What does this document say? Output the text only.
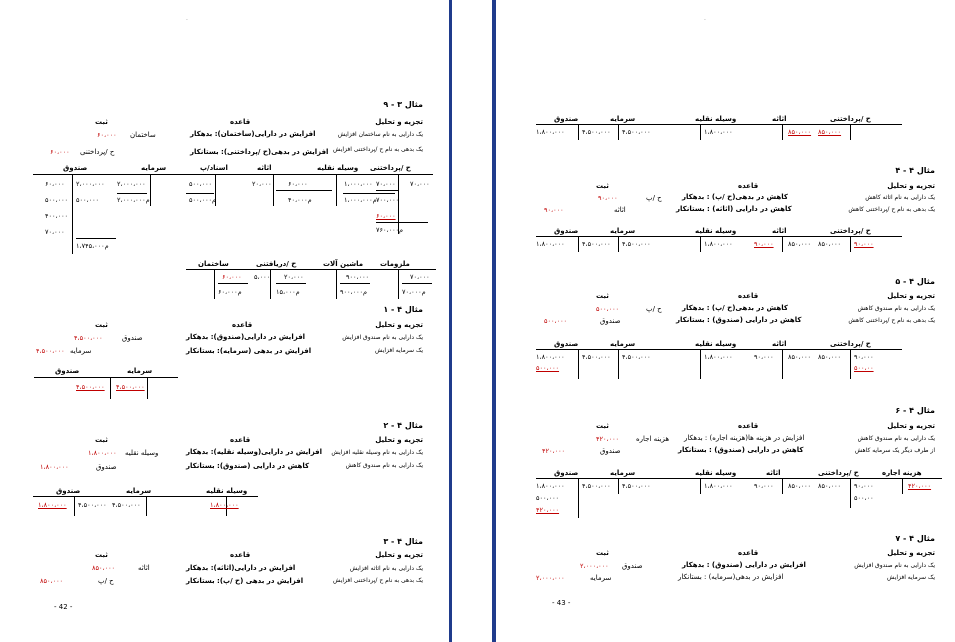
-
مثال ۳ - ۹
تجزیه و تحلیل
قاعده
ثبت
یک دارایی به نام ساختمان افزایش
یک بدهی به نام ح /پرداختنی افزایش
افزایش در دارایی(ساختمان): بدهکار
افزایش در بدهی(ح /پرداختنی): بستانکار
ساختمان
۶۰،۰۰۰
ح /پرداختنی
۶۰،۰۰۰
ح /پرداختنی
وسیله نقلیه
اثاثه
اسناد/پ
سرمایه
صندوق
۷۰،۰۰۰
۷۰،۰۰۰
۱،۰۰۰،۰۰۰
۶۰،۰۰۰
۲۰،۰۰۰
۵۰۰،۰۰۰
۲،۰۰۰،۰۰۰
۲،۰۰۰،۰۰۰
۶۰،۰۰۰
۷۰۰،۰۰۰
م۱،۰۰۰،۰۰۰
م۴۰،۰۰۰
م۵۰۰،۰۰۰
م۲،۰۰۰،۰۰۰
۵۰۰،۰۰۰
۵۰۰،۰۰۰
۶۰،۰۰۰
۴۰۰،۰۰۰
م۷۶۰،۰۰۰
۷۰،۰۰۰
م۱،۷۴۵،۰۰۰
ملزومات
ماشین آلات
ح /دریافتنی
ساختمان
۷۰،۰۰۰
۹۰۰،۰۰۰
۲۰،۰۰۰
۵،۰۰۰
۶۰،۰۰۰
م۷۰،۰۰۰
م۹۰۰،۰۰۰
م۱۵،۰۰۰
م۶۰،۰۰۰
مثال ۴ - ۱
تجزیه و تحلیل
قاعده
ثبت
یک دارایی به نام صندوق افزایش
یک سرمایه افزایش
افزایش در دارایی(صندوق): بدهکار
افزایش در بدهی (سرمایه): بستانکار
صندوق
۴،۵۰۰،۰۰۰
سرمایه
۴،۵۰۰،۰۰۰
سرمایه
صندوق
۴،۵۰۰،۰۰۰
۴،۵۰۰،۰۰۰
مثال ۴ - ۲
تجزیه و تحلیل
قاعده
ثبت
یک دارایی به نام وسیله نقلیه افزایش
یک دارایی به نام صندوق کاهش
افزایش در دارایی(وسیله نقلیه): بدهکار
کاهش در دارایی (صندوق): بستانکار
وسیله نقلیه
۱،۸۰۰،۰۰۰
صندوق
۱،۸۰۰،۰۰۰
وسیله نقلیه
سرمایه
صندوق
۱،۸۰۰،۰۰۰
۴،۵۰۰،۰۰۰
۴،۵۰۰،۰۰۰
۱،۸۰۰،۰۰۰
مثال ۴ - ۳
تجزیه و تحلیل
قاعده
ثبت
یک دارایی به نام اثاثه افزایش
یک بدهی به نام ح /پرداختنی افزایش
افزایش در دارایی(اثاثه): بدهکار
افزایش در بدهی (ح /پ): بستانکار
اثاثه
۸۵۰،۰۰۰
ح /پ
۸۵۰،۰۰۰
- 42 -
-
ح /پرداختنی
اثاثه
وسیله نقلیه
سرمایه
صندوق
۸۵۰،۰۰۰
۸۵۰،۰۰۰
۱،۸۰۰،۰۰۰
۴،۵۰۰،۰۰۰
۴،۵۰۰،۰۰۰
۱،۸۰۰،۰۰۰
مثال ۴ - ۴
تجزیه و تحلیل
قاعده
ثبت
یک دارایی به نام اثاثه کاهش
یک بدهی به نام ح /پرداختنی کاهش
کاهش در بدهی(ح /پ) : بدهکار
کاهش در دارایی (اثاثه) : بستانکار
ح /پ
۹۰،۰۰۰
اثاثه
۹۰،۰۰۰
ح /پرداختنی
اثاثه
وسیله نقلیه
سرمایه
صندوق
۹۰،۰۰۰
۸۵۰،۰۰۰
۸۵۰،۰۰۰
۹۰،۰۰۰
۱،۸۰۰،۰۰۰
۴،۵۰۰،۰۰۰
۴،۵۰۰،۰۰۰
۱،۸۰۰،۰۰۰
مثال ۴ - ۵
تجزیه و تحلیل
قاعده
ثبت
یک دارایی به نام صندوق کاهش
یک بدهی به نام ح /پرداختنی کاهش
کاهش در بدهی(ح /پ) : بدهکار
کاهش در دارایی (صندوق) : بستانکار
ح /پ
۵۰۰،۰۰۰
صندوق
۵۰۰،۰۰۰
ح /پرداختنی
اثاثه
وسیله نقلیه
سرمایه
صندوق
۹۰،۰۰۰
۸۵۰،۰۰۰
۸۵۰،۰۰۰
۹۰،۰۰۰
۱،۸۰۰،۰۰۰
۴،۵۰۰،۰۰۰
۴،۵۰۰،۰۰۰
۱،۸۰۰،۰۰۰
۵۰۰،۰۰
۵۰۰،۰۰۰
مثال ۴ - ۶
تجزیه و تحلیل
قاعده
ثبت
یک دارایی به نام صندوق کاهش
از طرف دیگر یک سرمایه کاهش
افزایش در هزینه ها(هزینه اجاره) : بدهکار
کاهش در دارایی (صندوق) : بستانکار
هزینه اجاره
۴۲۰،۰۰۰
صندوق
۴۲۰،۰۰۰
هزینه اجاره
ح /پرداختنی
اثاثه
وسیله نقلیه
سرمایه
صندوق
۴۲۰،۰۰۰
۹۰،۰۰۰
۸۵۰،۰۰۰
۸۵۰،۰۰۰
۹۰،۰۰۰
۱،۸۰۰،۰۰۰
۴،۵۰۰،۰۰۰
۴،۵۰۰،۰۰۰
۱،۸۰۰،۰۰۰
۵۰۰،۰۰
۵۰۰،۰۰۰
۴۲۰،۰۰۰
مثال ۴ - ۷
تجزیه و تحلیل
قاعده
ثبت
یک دارایی به نام صندوق افزایش
یک سرمایه افزایش
افزایش در دارایی (صندوق) : بدهکار
افزایش در بدهی(سرمایه) : بستانکار
صندوق
۲،۰۰۰،۰۰۰
سرمایه
۲،۰۰۰،۰۰۰
- 43 -
